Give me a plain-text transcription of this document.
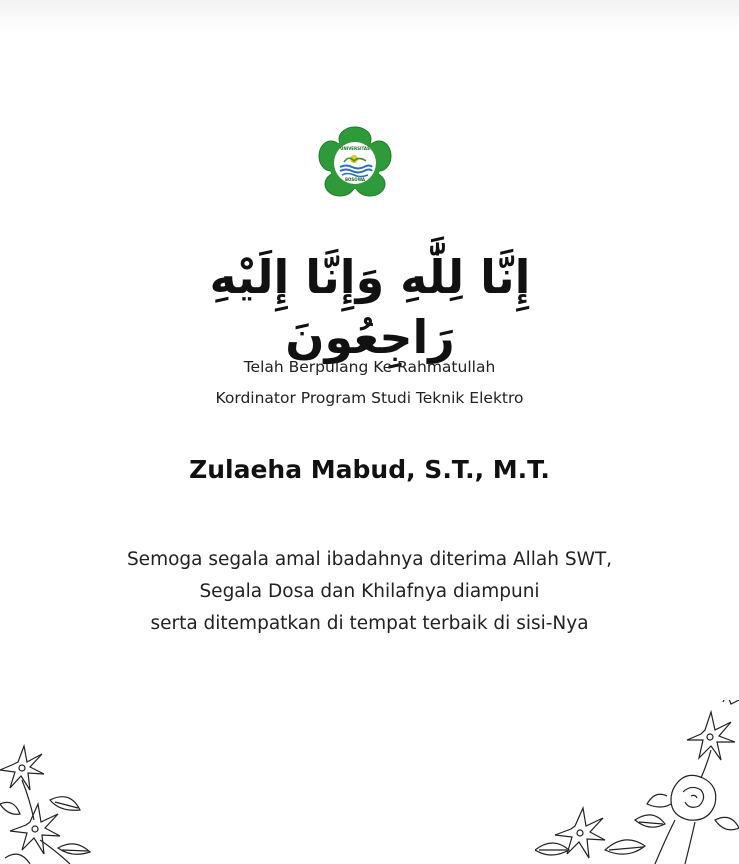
UNIVERSITAS
BOSOWA
إِنَّا لِلَّٰهِ وَإِنَّا إِلَيْهِ رَاجِعُونَ
Telah Berpulang Ke Rahmatullah
Kordinator Program Studi Teknik Elektro
Zulaeha Mabud, S.T., M.T.
Semoga segala amal ibadahnya diterima Allah SWT,
Segala Dosa dan Khilafnya diampuni
serta ditempatkan di tempat terbaik di sisi-Nya
